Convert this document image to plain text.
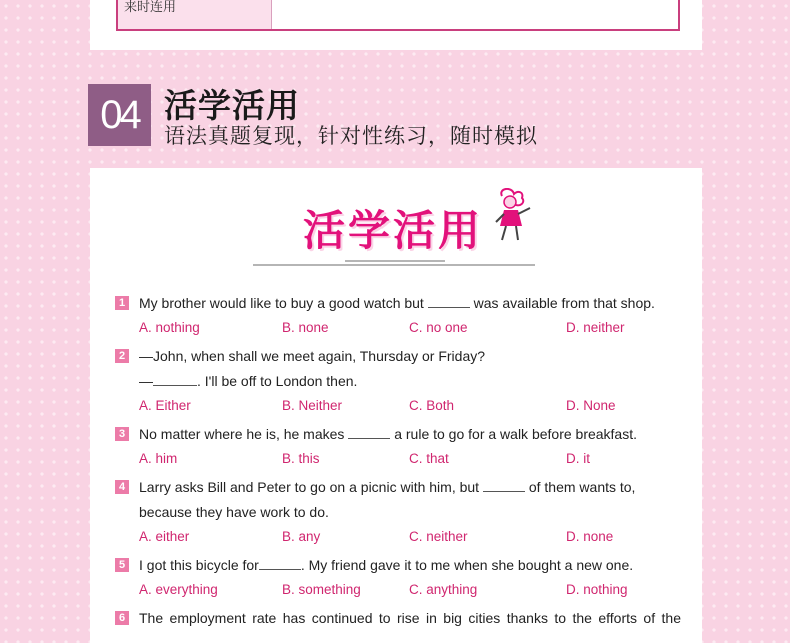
来时连用
04 活学活用
语法真题复现，针对性练习，随时模拟
活学活用
1 My brother would like to buy a good watch but	was available from that shop.
A. nothing	B. none	C. no one	D. neither
2 —John, when shall we meet again, Thursday or Friday?
—	. I'll be off to London then.
A. Either	B. Neither	C. Both	D. None
3 No matter where he is, he makes	a rule to go for a walk before breakfast.
A. him	B. this	C. that	D. it
4 Larry asks Bill and Peter to go on a picnic with him, but	of them wants to,
because they have work to do.
A. either	B. any	C. neither	D. none
5 I got this bicycle for	. My friend gave it to me when she bought a new one.
A. everything	B. something	C. anything	D. nothing
6 The employment rate has continued to rise in big cities thanks to the efforts of the
